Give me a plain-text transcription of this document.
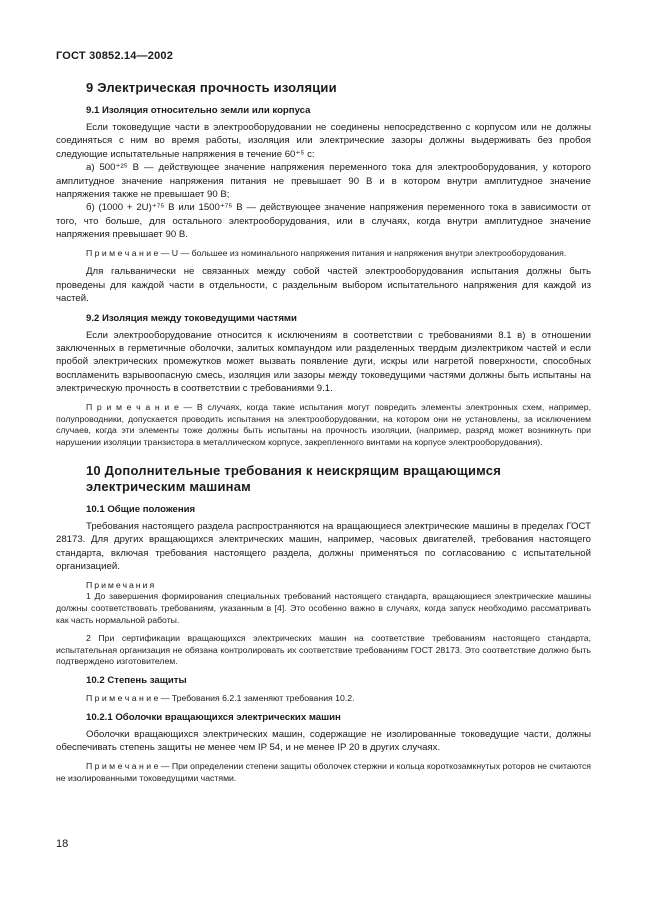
ГОСТ 30852.14—2002
9 Электрическая прочность изоляции
9.1 Изоляция относительно земли или корпуса

Если токоведущие части в электрооборудовании не соединены непосредственно с корпусом или не должны соединяться с ним во время работы, изоляция или электрические зазоры должны выдерживать без пробоя следующие испытательные напряжения в течение 60⁺⁵ с:

а) 500⁺²⁵ В — действующее значение напряжения переменного тока для электрооборудования, у которого амплитудное значение напряжения питания не превышает 90 В и в котором внутри амплитудное значение напряжения также не превышает 90 В;

б) (1000 + 2U)⁺⁷⁵ В или 1500⁺⁷⁵ В — действующее значение напряжения переменного тока в зависимости от того, что больше, для остального электрооборудования, или в случаях, когда внутри амплитудное значение напряжения превышает 90 В.

П р и м е ч а н и е — U — большее из номинального напряжения питания и напряжения внутри электрооборудования.

Для гальванически не связанных между собой частей электрооборудования испытания должны быть проведены для каждой части в отдельности, с раздельным выбором испытательного напряжения для каждой из частей.

9.2 Изоляция между токоведущими частями

Если электрооборудование относится к исключениям в соответствии с требованиями 8.1 в) в отношении заключенных в герметичные оболочки, залитых компаундом или разделенных твердым диэлектриком частей и если пробой электрических промежутков может вызвать появление дуги, искры или нагретой поверхности, способных воспламенить взрывоопасную смесь, изоляция или зазоры между токоведущими частями должны быть испытаны на электрическую прочность в соответствии с требованиями 9.1.

П р и м е ч а н и е — В случаях, когда такие испытания могут повредить элементы электронных схем, например, полупроводники, допускается проводить испытания на электрооборудовании, на котором они не установлены, за исключением случаев, когда эти элементы тоже должны быть испытаны на прочность изоляции, (например, разряд может возникнуть при нарушении изоляции транзистора в металлическом корпусе, закрепленного винтами на корпусе электрооборудования).

10 Дополнительные требования к неискрящим вращающимся электрическим машинам
10.1 Общие положения

Требования настоящего раздела распространяются на вращающиеся электрические машины в пределах ГОСТ 28173. Для других вращающихся электрических машин, например, часовых двигателей, требования настоящего стандарта, включая требования настоящего раздела, должны применяться по согласованию с испытательной организацией.

Примечания

1 До завершения формирования специальных требований настоящего стандарта, вращающиеся электрические машины должны соответствовать требованиям, указанным в [4]. Это особенно важно в случаях, когда запуск необходимо рассматривать как часть нормальной работы.

2 При сертификации вращающихся электрических машин на соответствие требованиям настоящего стандарта, испытательная организация не обязана контролировать их соответствие требованиям ГОСТ 28173. Это соответствие должно быть подтверждено изготовителем.

10.2 Степень защиты

П р и м е ч а н и е — Требования 6.2.1 заменяют требования 10.2.

10.2.1 Оболочки вращающихся электрических машин

Оболочки вращающихся электрических машин, содержащие не изолированные токоведущие части, должны обеспечивать степень защиты не менее чем IP 54, и не менее IP 20 в других случаях.

П р и м е ч а н и е — При определении степени защиты оболочек стержни и кольца короткозамкнутых роторов не считаются не изолированными токоведущими частями.

18
